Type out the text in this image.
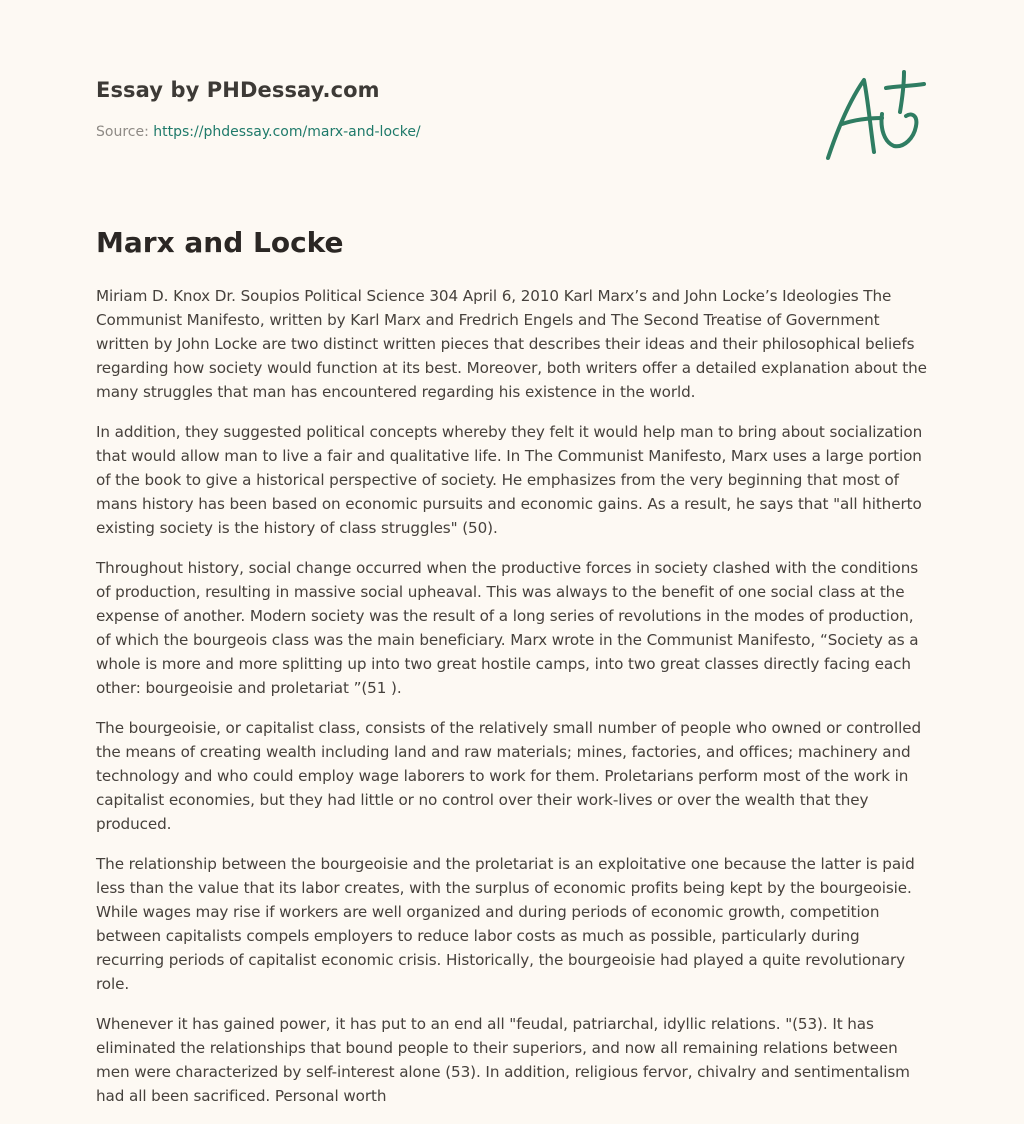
Essay by PHDessay.com
Source: https://phdessay.com/marx-and-locke/
Marx and Locke

Miriam D. Knox Dr. Soupios Political Science 304 April 6, 2010 Karl Marx’s and John Locke’s Ideologies The Communist Manifesto, written by Karl Marx and Fredrich Engels and The Second Treatise of Government written by John Locke are two distinct written pieces that describes their ideas and their philosophical beliefs regarding how society would function at its best. Moreover, both writers offer a detailed explanation about the many struggles that man has encountered regarding his existence in the world.

In addition, they suggested political concepts whereby they felt it would help man to bring about socialization that would allow man to live a fair and qualitative life. In The Communist Manifesto, Marx uses a large portion of the book to give a historical perspective of society. He emphasizes from the very beginning that most of mans history has been based on economic pursuits and economic gains. As a result, he says that "all hitherto existing society is the history of class struggles" (50).

Throughout history, social change occurred when the productive forces in society clashed with the conditions of production, resulting in massive social upheaval. This was always to the benefit of one social class at the expense of another. Modern society was the result of a long series of revolutions in the modes of production, of which the bourgeois class was the main beneficiary. Marx wrote in the Communist Manifesto, “Society as a whole is more and more splitting up into two great hostile camps, into two great classes directly facing each other: bourgeoisie and proletariat ”(51 ).

The bourgeoisie, or capitalist class, consists of the relatively small number of people who owned or controlled the means of creating wealth including land and raw materials; mines, factories, and offices; machinery and technology and who could employ wage laborers to work for them. Proletarians perform most of the work in capitalist economies, but they had little or no control over their work-lives or over the wealth that they produced.

The relationship between the bourgeoisie and the proletariat is an exploitative one because the latter is paid less than the value that its labor creates, with the surplus of economic profits being kept by the bourgeoisie. While wages may rise if workers are well organized and during periods of economic growth, competition between capitalists compels employers to reduce labor costs as much as possible, particularly during recurring periods of capitalist economic crisis. Historically, the bourgeoisie had played a quite revolutionary role.

Whenever it has gained power, it has put to an end all "feudal, patriarchal, idyllic relations. "(53). It has eliminated the relationships that bound people to their superiors, and now all remaining relations between men were characterized by self-interest alone (53). In addition, religious fervor, chivalry and sentimentalism had all been sacrificed. Personal worth
